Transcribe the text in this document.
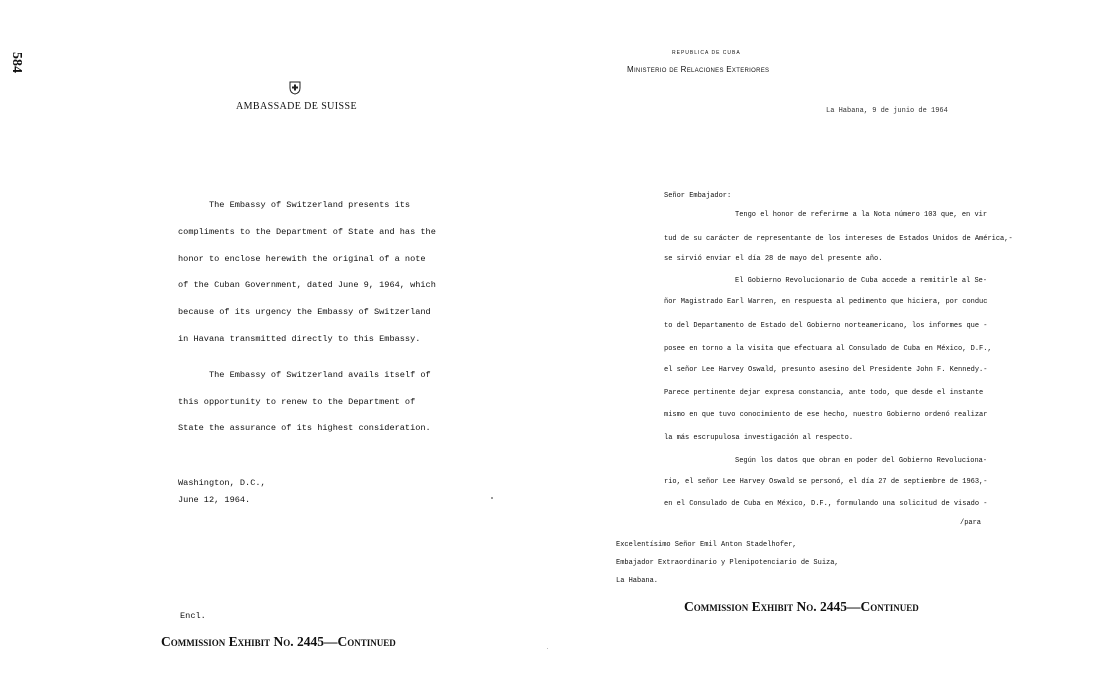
584
AMBASSADE DE SUISSE
The Embassy of Switzerland presents its
compliments to the Department of State and has the
honor to enclose herewith the original of a note
of the Cuban Government, dated June 9, 1964, which
because of its urgency the Embassy of Switzerland
in Havana transmitted directly to this Embassy.
The Embassy of Switzerland avails itself of
this opportunity to renew to the Department of
State the assurance of its highest consideration.
Washington, D.C.,
June 12, 1964.
Encl.
Commission Exhibit No. 2445—Continued
REPUBLICA DE CUBA
Ministerio de Relaciones Exteriores
La Habana, 9 de junio de 1964
Señor Embajador:
Tengo el honor de referirme a la Nota número 103 que, en vir
tud de su carácter de representante de los intereses de Estados Unidos de América,-
se sirvió enviar el día 28 de mayo del presente año.
El Gobierno Revolucionario de Cuba accede a remitirle al Se-
ñor Magistrado Earl Warren, en respuesta al pedimento que hiciera, por conduc
to del Departamento de Estado del Gobierno norteamericano, los informes que -
posee en torno a la visita que efectuara al Consulado de Cuba en México, D.F.,
el señor Lee Harvey Oswald, presunto asesino del Presidente John F. Kennedy.-
Parece pertinente dejar expresa constancia, ante todo, que desde el instante
mismo en que tuvo conocimiento de ese hecho, nuestro Gobierno ordenó realizar
la más escrupulosa investigación al respecto.
Según los datos que obran en poder del Gobierno Revoluciona-
rio, el señor Lee Harvey Oswald se personó, el día 27 de septiembre de 1963,-
en el Consulado de Cuba en México, D.F., formulando una solicitud de visado -
/para
Excelentísimo Señor Emil Anton Stadelhofer,
Embajador Extraordinario y Plenipotenciario de Suiza,
La Habana.
Commission Exhibit No. 2445—Continued
